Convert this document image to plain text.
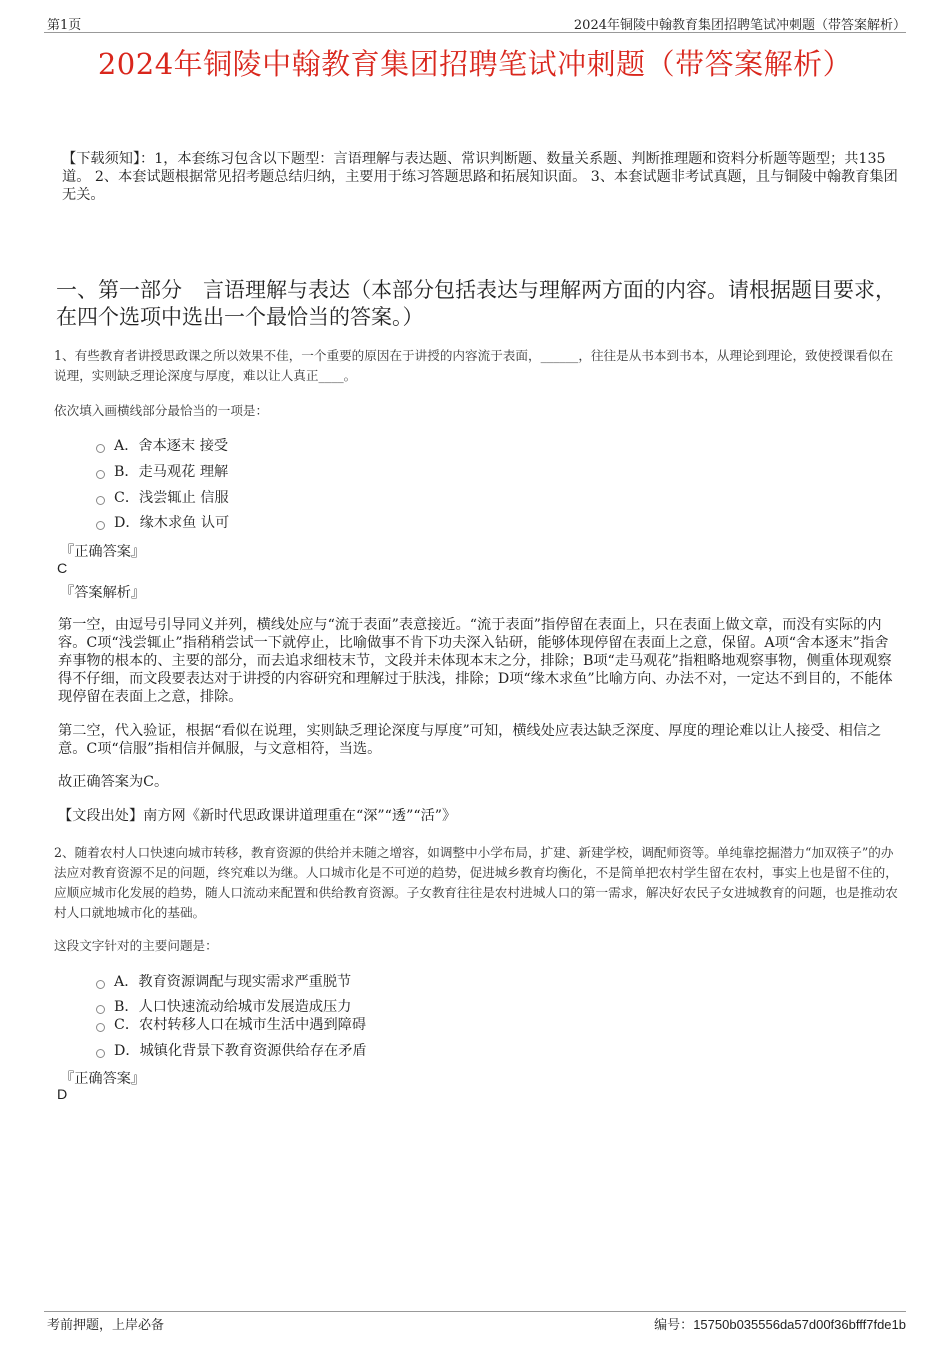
第1页	2024年铜陵中翰教育集团招聘笔试冲刺题（带答案解析）
2024年铜陵中翰教育集团招聘笔试冲刺题（带答案解析）
【下载须知】：1，本套练习包含以下题型：言语理解与表达题、常识判断题、数量关系题、判断推理题和资料分析题等题型；共135道。 2、本套试题根据常见招考题总结归纳，主要用于练习答题思路和拓展知识面。 3、本套试题非考试真题，且与铜陵中翰教育集团无关。
一、第一部分　言语理解与表达（本部分包括表达与理解两方面的内容。请根据题目要求，在四个选项中选出一个最恰当的答案。）
1、有些教育者讲授思政课之所以效果不佳，一个重要的原因在于讲授的内容流于表面，______，往往是从书本到书本，从理论到理论，致使授课看似在说理，实则缺乏理论深度与厚度，难以让人真正____。
依次填入画横线部分最恰当的一项是：
A．舍本逐末 接受
B．走马观花 理解
C．浅尝辄止 信服
D．缘木求鱼 认可
『正确答案』
C
『答案解析』
第一空，由逗号引导同义并列，横线处应与“流于表面”表意接近。“流于表面”指停留在表面上，只在表面上做文章，而没有实际的内容。C项“浅尝辄止”指稍稍尝试一下就停止，比喻做事不肯下功夫深入钻研，能够体现停留在表面上之意，保留。A项“舍本逐末”指舍弃事物的根本的、主要的部分，而去追求细枝末节，文段并未体现本末之分，排除；B项“走马观花”指粗略地观察事物，侧重体现观察得不仔细，而文段要表达对于讲授的内容研究和理解过于肤浅，排除；D项“缘木求鱼”比喻方向、办法不对，一定达不到目的，不能体现停留在表面上之意，排除。
第二空，代入验证，根据“看似在说理，实则缺乏理论深度与厚度”可知，横线处应表达缺乏深度、厚度的理论难以让人接受、相信之意。C项“信服”指相信并佩服，与文意相符，当选。
故正确答案为C。
【文段出处】南方网《新时代思政课讲道理重在“深”“透”“活”》
2、随着农村人口快速向城市转移，教育资源的供给并未随之增容，如调整中小学布局，扩建、新建学校，调配师资等。单纯靠挖掘潜力“加双筷子”的办法应对教育资源不足的问题，终究难以为继。人口城市化是不可逆的趋势，促进城乡教育均衡化，不是简单把农村学生留在农村，事实上也是留不住的，应顺应城市化发展的趋势，随人口流动来配置和供给教育资源。子女教育往往是农村进城人口的第一需求，解决好农民子女进城教育的问题，也是推动农村人口就地城市化的基础。
这段文字针对的主要问题是：
A．教育资源调配与现实需求严重脱节
B．人口快速流动给城市发展造成压力
C．农村转移人口在城市生活中遇到障碍
D．城镇化背景下教育资源供给存在矛盾
『正确答案』
D
考前押题，上岸必备	编号：15750b035556da57d00f36bfff7fde1b
